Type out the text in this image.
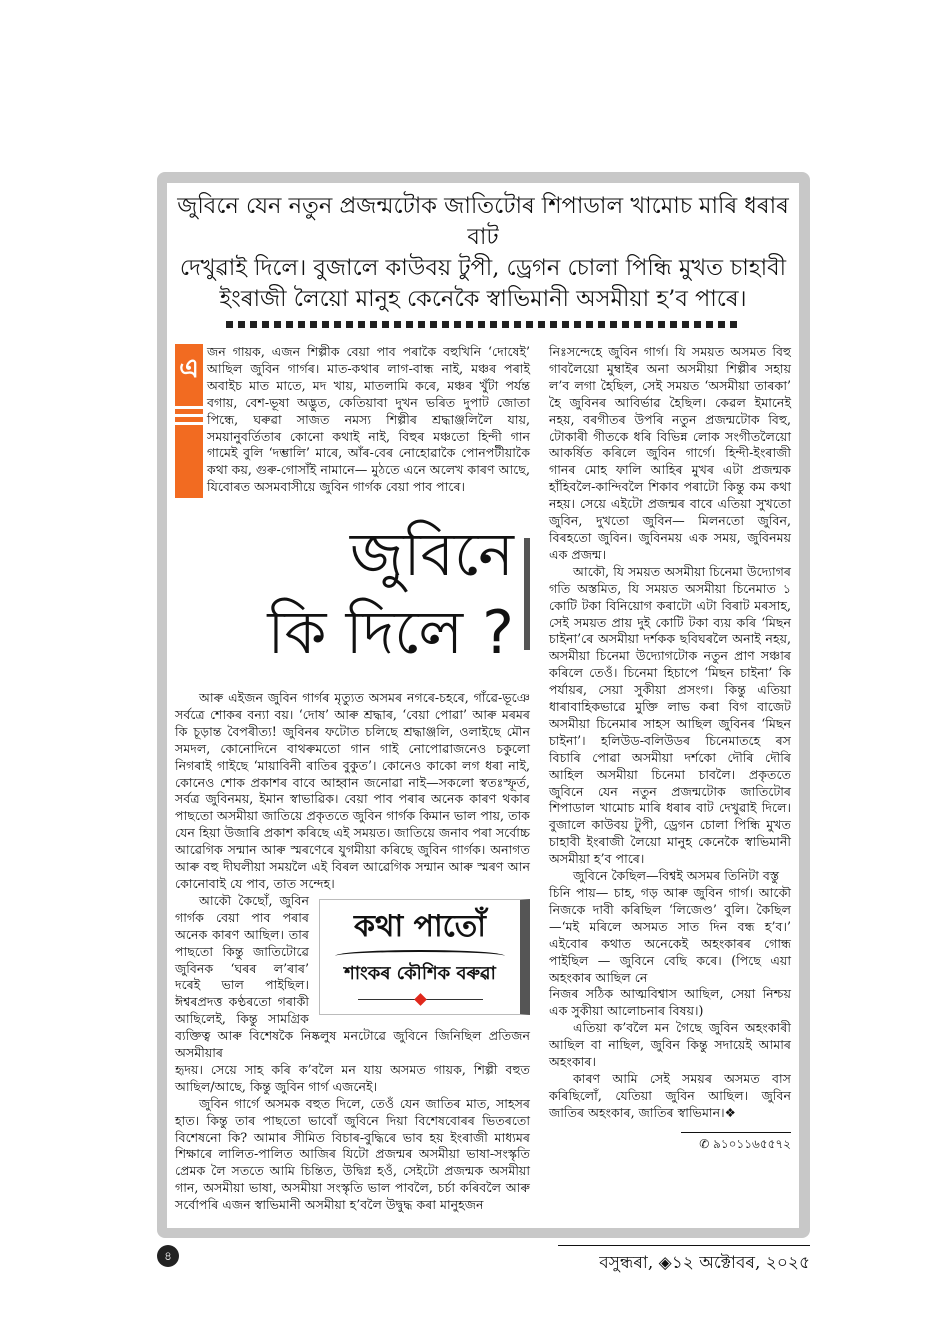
জুবিনে যেন নতুন প্ৰজন্মটোক জাতিটোৰ শিপাডাল খামোচ মাৰি ধৰাৰ বাট
দেখুৱাই দিলে। বুজালে কাউবয় টুপী, ড্ৰেগন চোলা পিন্ধি মুখত চাহাবী
ইংৰাজী লৈয়ো মানুহ কেনেকৈ স্বাভিমানী অসমীয়া হ’ব পাৰে।
এ

জন গায়ক, এজন শিল্পীক বেয়া পাব পৰাকৈ বহুখিনি ‘দোষেই’ আছিল জুবিন গাৰ্গৰ। মাত-কথাৰ লাগ-বান্ধ নাই, মঞ্চৰ পৰাই অবাইচ মাত মাতে, মদ খায়, মাতলামি কৰে, মঞ্চৰ খুঁটা পৰ্যন্ত বগায়, বেশ-ভূষা অদ্ভুত, কেতিয়াবা দুখন ভৰিত দুপাট জোতা পিন্ধে, ঘৰুৱা সাজত নমস্য শিল্পীৰ শ্ৰদ্ধাঞ্জলিলৈ যায়, সময়ানুবৰ্তিতাৰ কোনো কথাই নাই, বিহুৰ মঞ্চতো হিন্দী গান গামেই বুলি ‘দম্ভালি’ মাৰে, আঁৰ-বেৰ নোহোৱাকৈ পোনপটীয়াকৈ কথা কয়, গুৰু-গোসাঁই নামানে— মুঠতে এনে অলেখ কাৰণ আছে, যিবোৰত অসমবাসীয়ে জুবিন গাৰ্গক বেয়া পাব পাৰে।

জুবিনে
কি দিলে ?

আৰু এইজন জুবিন গাৰ্গৰ মৃত্যুত অসমৰ নগৰে-চহৰে, গাঁৱে-ভূঞে সৰ্বত্ৰে শোকৰ বন্যা বয়। ‘দোষ’ আৰু শ্ৰদ্ধাৰ, ‘বেয়া পোৱা’ আৰু মৰমৰ কি চূড়ান্ত বৈপৰীত্য! জুবিনৰ ফটোত চলিছে শ্ৰদ্ধাঞ্জলি, ওলাইছে মৌন সমদল, কোনোদিনে বাথৰুমতো গান গাই নোপোৱাজনেও চকুলো নিগৰাই গাইছে ‘মায়াবিনী ৰাতিৰ বুকুত’। কোনেও কাকো লগ ধৰা নাই, কোনেও শোক প্ৰকাশৰ বাবে আহ্বান জনোৱা নাই—সকলো স্বতঃস্ফূৰ্ত, সৰ্বত্ৰ জুবিনময়, ইমান স্বাভাৱিক। বেয়া পাব পৰাৰ অনেক কাৰণ থকাৰ পাছতো অসমীয়া জাতিয়ে প্ৰকৃততে জুবিন গাৰ্গক কিমান ভাল পায়, তাক যেন হিয়া উজাৰি প্ৰকাশ কৰিছে এই সময়ত। জাতিয়ে জনাব পৰা সৰ্বোচ্চ আৱেগিক সন্মান আৰু স্মৰণেৰে যুগমীয়া কৰিছে জুবিন গাৰ্গক। অনাগত আৰু বহু দীঘলীয়া সময়লৈ এই বিৰল আৱেগিক সন্মান আৰু স্মৰণ আন কোনোবাই যে পাব, তাত সন্দেহ।

কথা পাতোঁ
শাংকৰ কৌশিক বৰুৱা

আকৌ কৈছোঁ, জুবিন গাৰ্গক বেয়া পাব পৰাৰ অনেক কাৰণ আছিল। তাৰ পাছতো কিন্তু জাতিটোৱে জুবিনক ‘ঘৰৰ ল’ৰাৰ’ দৰেই ভাল পাইছিল। ঈশ্বৰপ্ৰদত্ত কণ্ঠৰতো গৰাকী আছিলেই, কিন্তু সামগ্ৰিক ব্যক্তিত্ব আৰু বিশেষকৈ নিষ্কলুষ মনটোৱে জুবিনে জিনিছিল প্ৰতিজন অসমীয়াৰ

হৃদয়। সেয়ে সাহ কৰি ক’বলৈ মন যায় অসমত গায়ক, শিল্পী বহুত আছিল/আছে, কিন্তু জুবিন গাৰ্গ এজনেই।

জুবিন গাৰ্গে অসমক বহুত দিলে, তেওঁ যেন জাতিৰ মাত, সাহসৰ হাত। কিন্তু তাৰ পাছতো ভাবোঁ জুবিনে দিয়া বিশেষবোৰৰ ভিতৰতো বিশেষনো কি? আমাৰ সীমিত বিচাৰ-বুদ্ধিৰে ভাব হয় ইংৰাজী মাধ্যমৰ শিক্ষাৰে লালিত-পালিত আজিৰ যিটো প্ৰজন্মৰ অসমীয়া ভাষা-সংস্কৃতি প্ৰেমক লৈ সততে আমি চিন্তিত, উদ্বিগ্ন হওঁ, সেইটো প্ৰজন্মক অসমীয়া গান, অসমীয়া ভাষা, অসমীয়া সংস্কৃতি ভাল পাবলৈ, চৰ্চা কৰিবলৈ আৰু সৰ্বোপৰি এজন স্বাভিমানী অসমীয়া হ’বলৈ উদ্বুদ্ধ কৰা মানুহজন

নিঃসন্দেহে জুবিন গাৰ্গ। যি সময়ত অসমত বিহু গাবলৈয়ো মুম্বাইৰ অনা অসমীয়া শিল্পীৰ সহায় ল’ব লগা হৈছিল, সেই সময়ত ‘অসমীয়া তাৰকা’ হৈ জুবিনৰ আবিৰ্ভাৱ হৈছিল। কেৱল ইমানেই নহয়, বৰগীতৰ উপৰি নতুন প্ৰজন্মটোক বিহু, টোকাৰী গীতকে ধৰি বিভিন্ন লোক সংগীতলৈয়ো আকৰ্ষিত কৰিলে জুবিন গাৰ্গে। হিন্দী-ইংৰাজী গানৰ মোহ ফালি আহিৰ মুখৰ এটা প্ৰজন্মক হাঁহিবলৈ-কান্দিবলৈ শিকাব পৰাটো কিন্তু কম কথা নহয়। সেয়ে এইটো প্ৰজন্মৰ বাবে এতিয়া সুখতো জুবিন, দুখতো জুবিন— মিলনতো জুবিন, বিৰহতো জুবিন। জুবিনময় এক সময়, জুবিনময় এক প্ৰজন্ম।

আকৌ, যি সময়ত অসমীয়া চিনেমা উদ্যোগৰ গতি অস্তমিত, যি সময়ত অসমীয়া চিনেমাত ১ কোটি টকা বিনিয়োগ কৰাটো এটা বিৰাট মৰসাহ, সেই সময়ত প্ৰায় দুই কোটি টকা ব্যয় কৰি ‘মিছন চাইনা’ৰে অসমীয়া দৰ্শকক ছবিঘৰলৈ অনাই নহয়, অসমীয়া চিনেমা উদ্যোগটোক নতুন প্ৰাণ সঞ্চাৰ কৰিলে তেওঁ। চিনেমা হিচাপে ‘মিছন চাইনা’ কি পৰ্যায়ৰ, সেয়া সুকীয়া প্ৰসংগ। কিন্তু এতিয়া ধাৰাবাহিকভাৱে মুক্তি লাভ কৰা বিগ বাজেট অসমীয়া চিনেমাৰ সাহস আছিল জুবিনৰ ‘মিছন চাইনা’। হলিউড-বলিউডৰ চিনেমাতহে ৰস বিচাৰি পোৱা অসমীয়া দৰ্শকো দৌৰি দৌৰি আহিল অসমীয়া চিনেমা চাবলৈ। প্ৰকৃততে জুবিনে যেন নতুন প্ৰজন্মটোক জাতিটোৰ শিপাডাল খামোচ মাৰি ধৰাৰ বাট দেখুৱাই দিলে। বুজালে কাউবয় টুপী, ড্ৰেগন চোলা পিন্ধি মুখত চাহাবী ইংৰাজী লৈয়ো মানুহ কেনেকৈ স্বাভিমানী অসমীয়া হ’ব পাৰে।

জুবিনে কৈছিল—বিশ্বই অসমৰ তিনিটা বস্তু

চিনি পায়— চাহ, গড় আৰু জুবিন গাৰ্গ। আকৌ নিজকে দাবী কৰিছিল ‘লিজেণ্ড’ বুলি। কৈছিল—‘মই মৰিলে অসমত সাত দিন বন্ধ হ’ব।’ এইবোৰ কথাত অনেকেই অহংকাৰৰ গোন্ধ পাইছিল — জুবিনে বেছি কৰে। (পিছে এয়া অহংকাৰ আছিল নে

নিজৰ সঠিক আত্মবিশ্বাস আছিল, সেয়া নিশ্চয় এক সুকীয়া আলোচনাৰ বিষয়।)

এতিয়া ক’বলৈ মন গৈছে জুবিন অহংকাৰী আছিল বা নাছিল, জুবিন কিন্তু সদায়েই আমাৰ অহংকাৰ।

কাৰণ আমি সেই সময়ৰ অসমত বাস কৰিছিলোঁ, যেতিয়া জুবিন আছিল। জুবিন জাতিৰ অহংকাৰ, জাতিৰ স্বাভিমান।❖

✆ ৯১০১১৬৫৫৭২
৪	বসুন্ধৰা, ◈১২ অক্টোবৰ, ২০২৫
